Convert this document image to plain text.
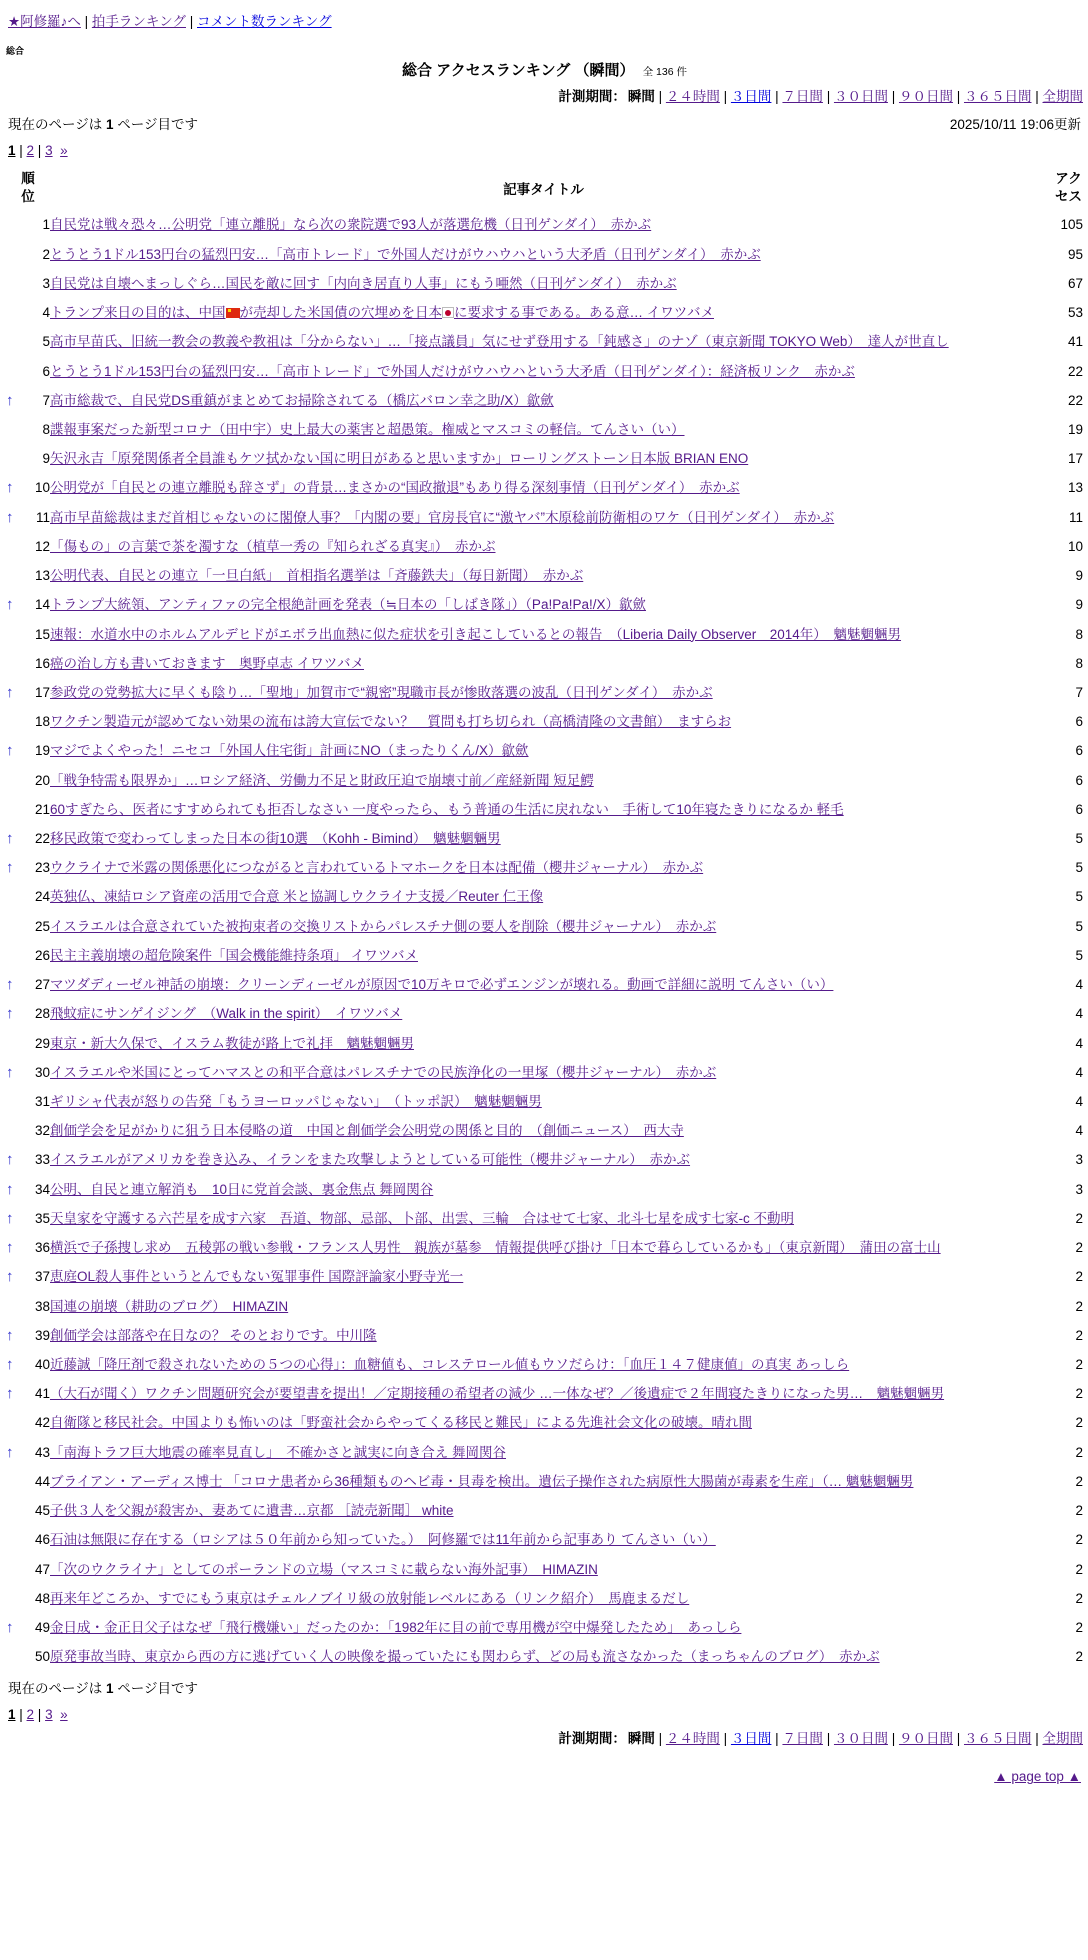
★阿修羅♪へ | 拍手ランキング | コメント数ランキング
総合
総合 アクセスランキング （瞬間） 全 136 件
計測期間： 瞬間 | ２４時間 | ３日間 | ７日間 | ３０日間 | ９０日間 | ３６５日間 | 全期間
現在のページは 1 ページ目です	2025/10/11 19:06更新
1 | 2 | 3 »
順位		記事タイトル	アクセス
	1	自民党は戦々恐々…公明党「連立離脱」なら次の衆院選で93人が落選危機（日刊ゲンダイ）　赤かぶ	105
	2	とうとう1ドル153円台の猛烈円安…「高市トレード」で外国人だけがウハウハという大矛盾（日刊ゲンダイ）　赤かぶ	95
	3	自民党は自壊へまっしぐら…国民を敵に回す「内向き居直り人事」にもう唖然（日刊ゲンダイ）　赤かぶ	67
	4	トランプ来日の目的は、中国 が売却した米国債の穴埋めを日本 に要求する事である。ある意… イワツバメ	53
	5	高市早苗氏、旧統一教会の教義や教祖は「分からない」…「接点議員」気にせず登用する「鈍感さ」のナゾ（東京新聞 TOKYO Web）　達人が世直し	41
	6	とうとう1ドル153円台の猛烈円安…「高市トレード」で外国人だけがウハウハという大矛盾（日刊ゲンダイ）：経済板リンク　赤かぶ	22
↑	7	高市総裁で、自民党DS重鎮がまとめてお掃除されてる（橋広バロン幸之助/X）歙歛	22
	8	諜報事案だった新型コロナ（田中宇）史上最大の薬害と超愚策。権威とマスコミの軽信。てんさい（い）	19
	9	矢沢永吉「原発関係者全員誰もケツ拭かない国に明日があると思いますか」ローリングストーン日本版 BRIAN ENO	17
↑	10	公明党が「自民との連立離脱も辞さず」の背景…まさかの“国政撤退”もあり得る深刻事情（日刊ゲンダイ）　赤かぶ	13
↑	11	高市早苗総裁はまだ首相じゃないのに閣僚人事？「内閣の要」官房長官に“激ヤバ”木原稔前防衛相のワケ（日刊ゲンダイ）　赤かぶ	11
	12	「傷もの」の言葉で茶を濁すな（植草一秀の『知られざる真実』）　赤かぶ	10
	13	公明代表、自民との連立「一旦白紙」　首相指名選挙は「斉藤鉄夫」（毎日新聞）　赤かぶ	9
↑	14	トランプ大統領、アンティファの完全根絶計画を発表（≒日本の「しばき隊」）（Pa!Pa!Pa!/X）歙歛	9
	15	速報：水道水中のホルムアルデヒドがエボラ出血熱に似た症状を引き起こしているとの報告　（Liberia Daily Observer　2014年）　魑魅魍魎男	8
	16	癌の治し方も書いておきます　奥野卓志 イワツバメ	8
↑	17	参政党の党勢拡大に早くも陰り…「聖地」加賀市で“親密”現職市長が惨敗落選の波乱（日刊ゲンダイ）　赤かぶ	7
	18	ワクチン製造元が認めてない効果の流布は誇大宣伝でない？　質問も打ち切られ（高橋清隆の文書館）　ますらお	6
↑	19	マジでよくやった！ニセコ「外国人住宅街」計画にNO（まったりくん/X）歙歛	6
	20	「戦争特需も限界か」…ロシア経済、労働力不足と財政圧迫で崩壊寸前／産経新聞 短足鰐	6
	21	60すぎたら、医者にすすめられても拒否しなさい 一度やったら、もう普通の生活に戻れない　手術して10年寝たきりになるか 軽毛	6
↑	22	移民政策で変わってしまった日本の街10選　（Kohh - Bimind）　魑魅魍魎男	5
↑	23	ウクライナで米露の関係悪化につながると言われているトマホークを日本は配備（櫻井ジャーナル）　赤かぶ	5
	24	英独仏、凍結ロシア資産の活用で合意 米と協調しウクライナ支援／Reuter 仁王像	5
	25	イスラエルは合意されていた被拘束者の交換リストからパレスチナ側の要人を削除（櫻井ジャーナル）　赤かぶ	5
	26	民主主義崩壊の超危険案件「国会機能維持条項」 イワツバメ	5
↑	27	マツダディーゼル神話の崩壊：クリーンディーゼルが原因で10万キロで必ずエンジンが壊れる。動画で詳細に説明 てんさい（い）	4
↑	28	飛蚊症にサンゲイジング　（Walk in the spirit）　イワツバメ	4
	29	東京・新大久保で、イスラム教徒が路上で礼拝　魑魅魍魎男	4
↑	30	イスラエルや米国にとってハマスとの和平合意はパレスチナでの民族浄化の一里塚（櫻井ジャーナル）　赤かぶ	4
	31	ギリシャ代表が怒りの告発「もうヨーロッパじゃない」　（トッポ訳）　魑魅魍魎男	4
	32	創価学会を足がかりに狙う日本侵略の道　中国と創価学会公明党の関係と目的　（創価ニュース）　西大寺	4
↑	33	イスラエルがアメリカを巻き込み、イランをまた攻撃しようとしている可能性（櫻井ジャーナル）　赤かぶ	3
↑	34	公明、自民と連立解消も　10日に党首会談、裏金焦点 舞岡関谷	3
↑	35	天皇家を守護する六芒星を成す六家　吾道、物部、忌部、卜部、出雲、三輪　合はせて七家、北斗七星を成す七家-c 不動明	2
↑	36	横浜で子孫捜し求め　五稜郭の戦い参戦・フランス人男性　親族が墓参　情報提供呼び掛け「日本で暮らしているかも」（東京新聞）　蒲田の富士山	2
↑	37	恵庭OL殺人事件というとんでもない冤罪事件 国際評論家小野寺光一	2
	38	国連の崩壊（耕助のブログ）　HIMAZIN	2
↑	39	創価学会は部落や在日なの？ そのとおりです。中川隆	2
↑	40	近藤誠「降圧剤で殺されないための５つの心得」：血糖値も、コレステロール値もウソだらけ：「血圧１４７健康値」の真実 あっしら	2
↑	41	（大石が聞く）ワクチン問題研究会が要望書を提出！／定期接種の希望者の減少 …一体なぜ？／後遺症で２年間寝たきりになった男…　魑魅魍魎男	2
	42	自衛隊と移民社会。中国よりも怖いのは「野蛮社会からやってくる移民と難民」による先進社会文化の破壊。晴れ間	2
↑	43	「南海トラフ巨大地震の確率見直し」　不確かさと誠実に向き合え 舞岡関谷	2
	44	ブライアン・アーディス博士 「コロナ患者から36種類ものヘビ毒・貝毒を検出。遺伝子操作された病原性大腸菌が毒素を生産」（… 魑魅魍魎男	2
	45	子供３人を父親が殺害か、妻あてに遺書…京都 ［読売新聞］ white	2
	46	石油は無限に存在する（ロシアは５０年前から知っていた。）　阿修羅では11年前から記事あり てんさい（い）	2
	47	「次のウクライナ」としてのポーランドの立場（マスコミに載らない海外記事）　HIMAZIN	2
	48	再来年どころか、すでにもう東京はチェルノブイリ級の放射能レベルにある（リンク紹介）　馬鹿まるだし	2
↑	49	金日成・金正日父子はなぜ「飛行機嫌い」だったのか：「1982年に目の前で専用機が空中爆発したため」　あっしら	2
	50	原発事故当時、東京から西の方に逃げていく人の映像を撮っていたにも関わらず、どの局も流さなかった（まっちゃんのブログ）　赤かぶ	2
現在のページは 1 ページ目です
1 | 2 | 3 »
計測期間： 瞬間 | ２４時間 | ３日間 | ７日間 | ３０日間 | ９０日間 | ３６５日間 | 全期間
▲ page top ▲
